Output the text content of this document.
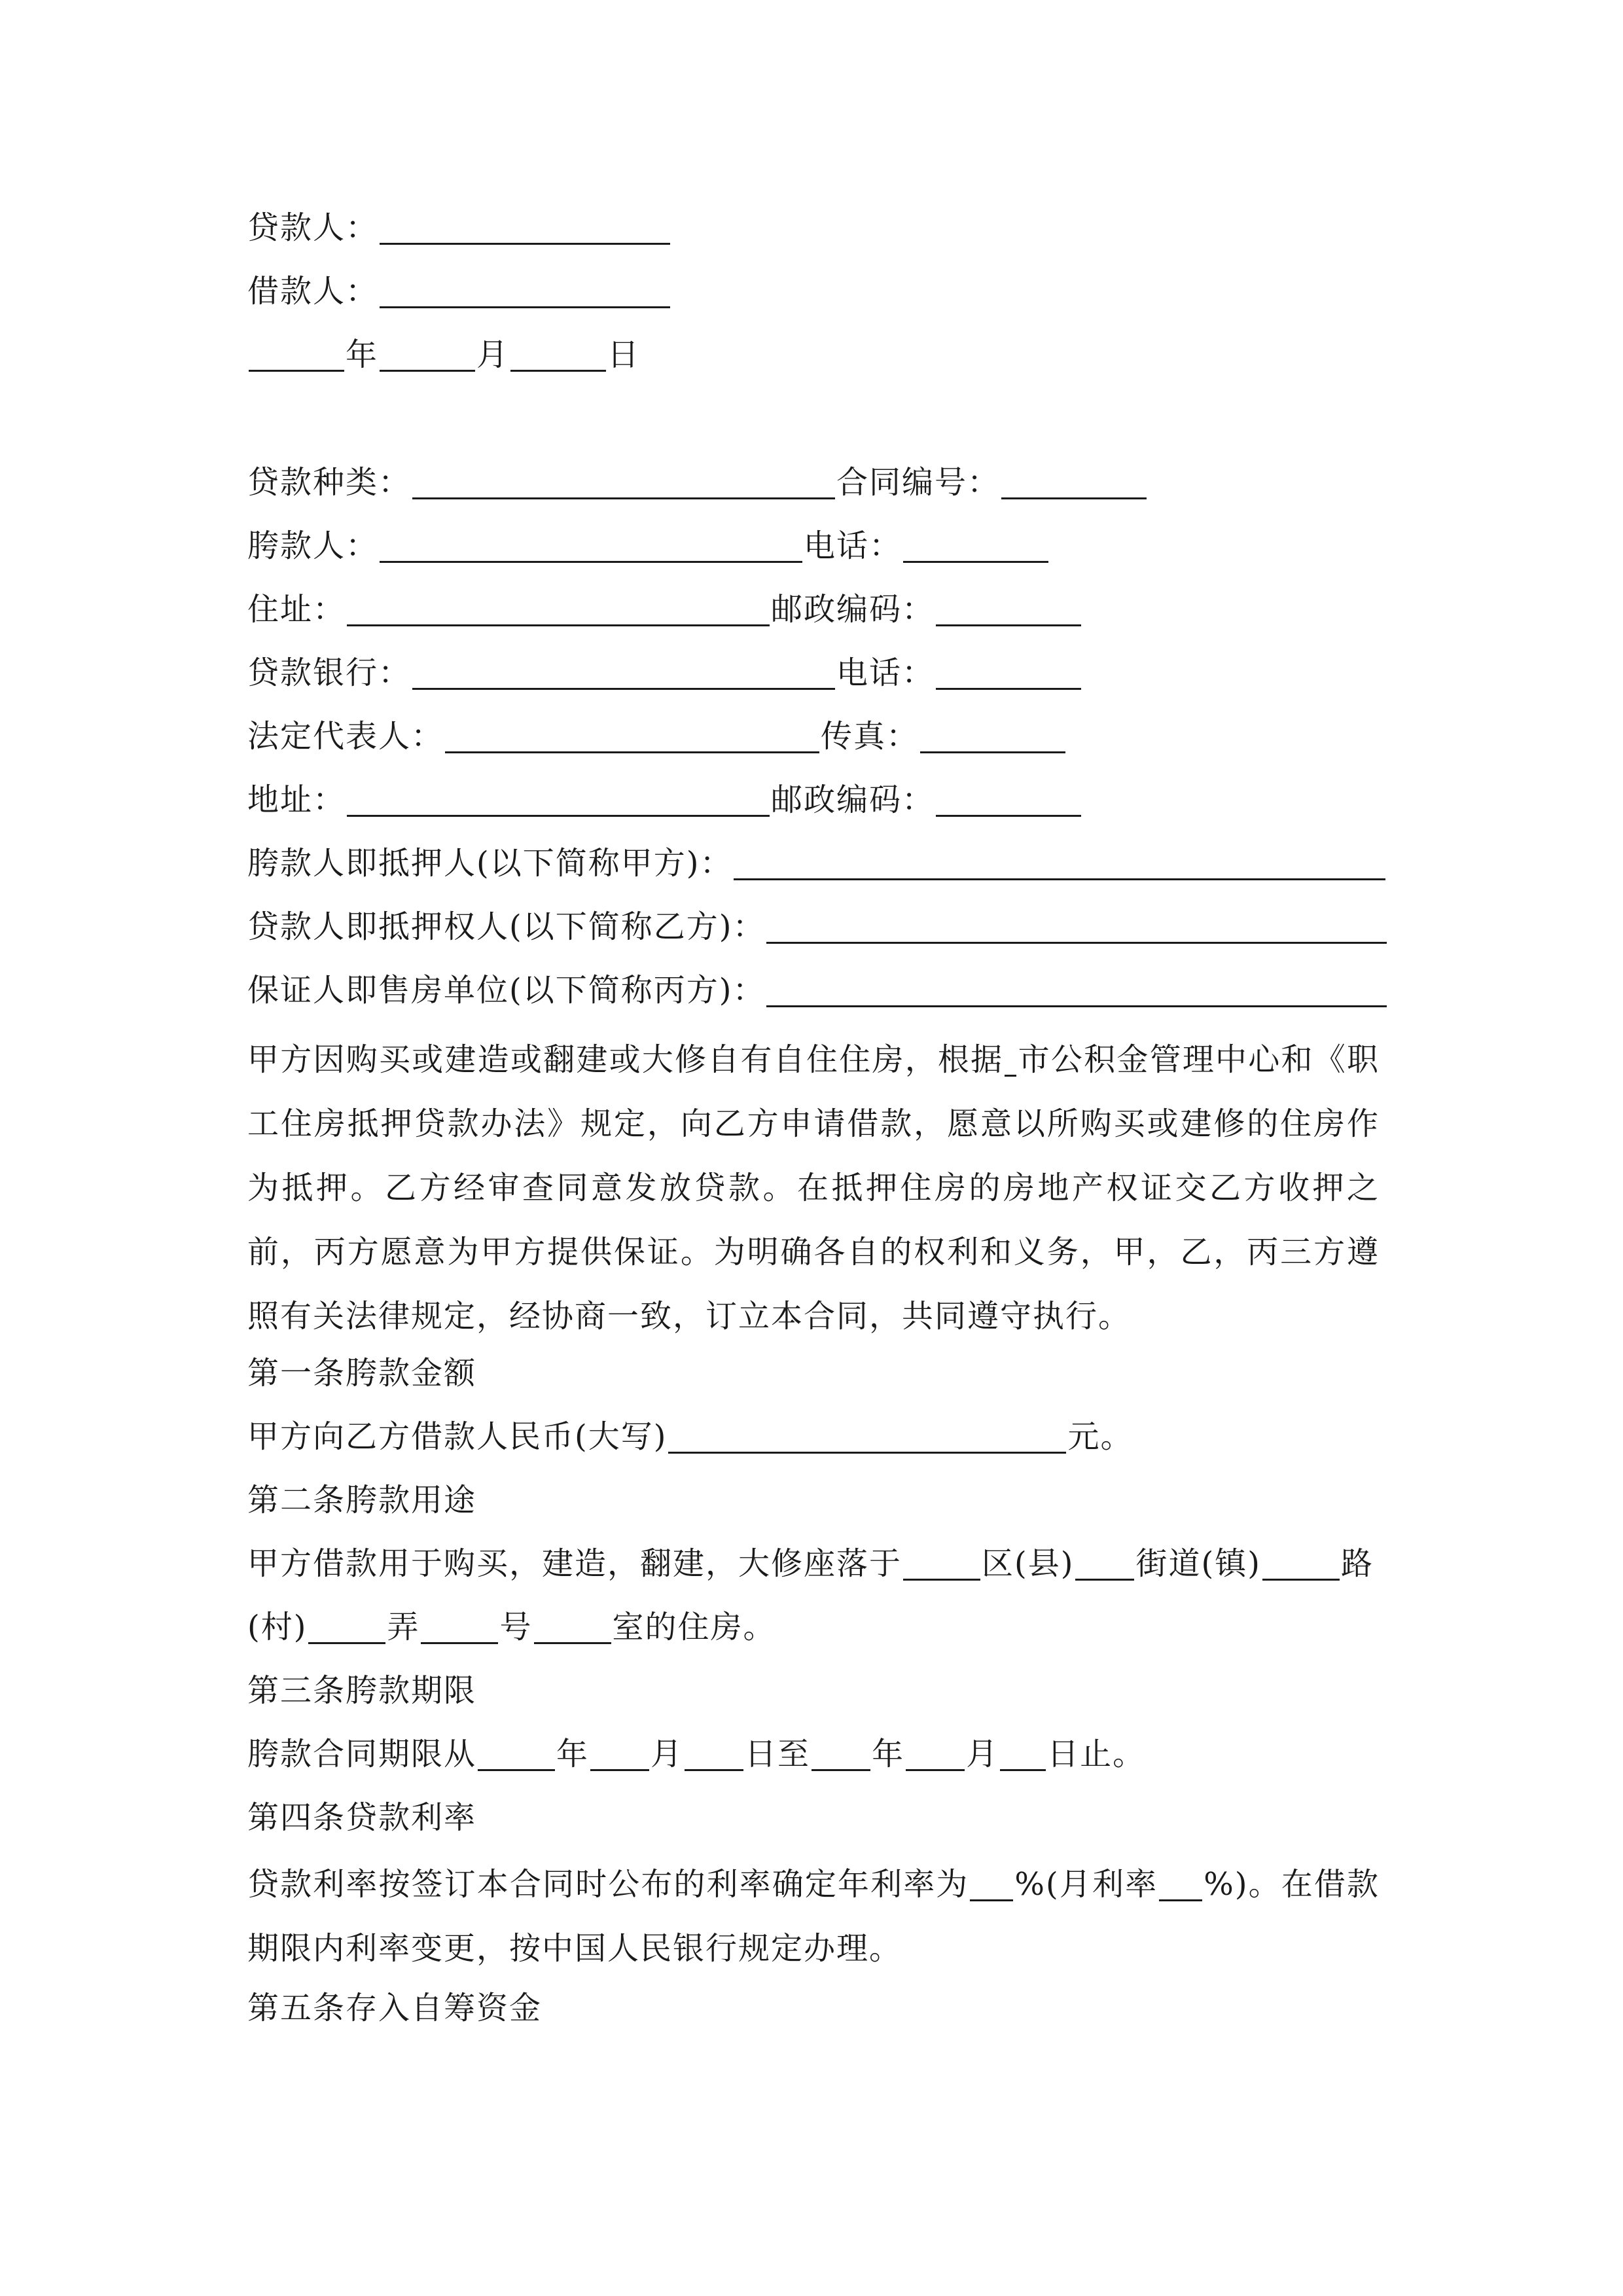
贷款人：
借款人：
年	月	日
贷款种类：	合同编号：
胯款人：	电话：
住址：	邮政编码：
贷款银行：	电话：
法定代表人：	传真：
地址：	邮政编码：
胯款人即抵押人(以下简称甲方)：
贷款人即抵押权人(以下简称乙方)：
保证人即售房单位(以下简称丙方)：
甲方因购买或建造或翻建或大修自有自住住房，根据 市公积金管理中心和《职工住房抵押贷款办法》规定，向乙方申请借款，愿意以所购买或建修的住房作为抵押。乙方经审查同意发放贷款。在抵押住房的房地产权证交乙方收押之前，丙方愿意为甲方提供保证。为明确各自的权利和义务，甲，乙，丙三方遵照有关法律规定，经协商一致，订立本合同，共同遵守执行。
第一条胯款金额
甲方向乙方借款人民币(大写)	元。
第二条胯款用途
甲方借款用于购买，建造，翻建，大修座落于	区(县) 街道(镇)	路
(村)	弄	号	室的住房。
第三条胯款期限
胯款合同期限从	年 月 日至 年 月 日止。
第四条贷款利率
贷款利率按签订本合同时公布的利率确定年利率为 %(月利率 %)。在借款期限内利率变更，按中国人民银行规定办理。
第五条存入自筹资金
